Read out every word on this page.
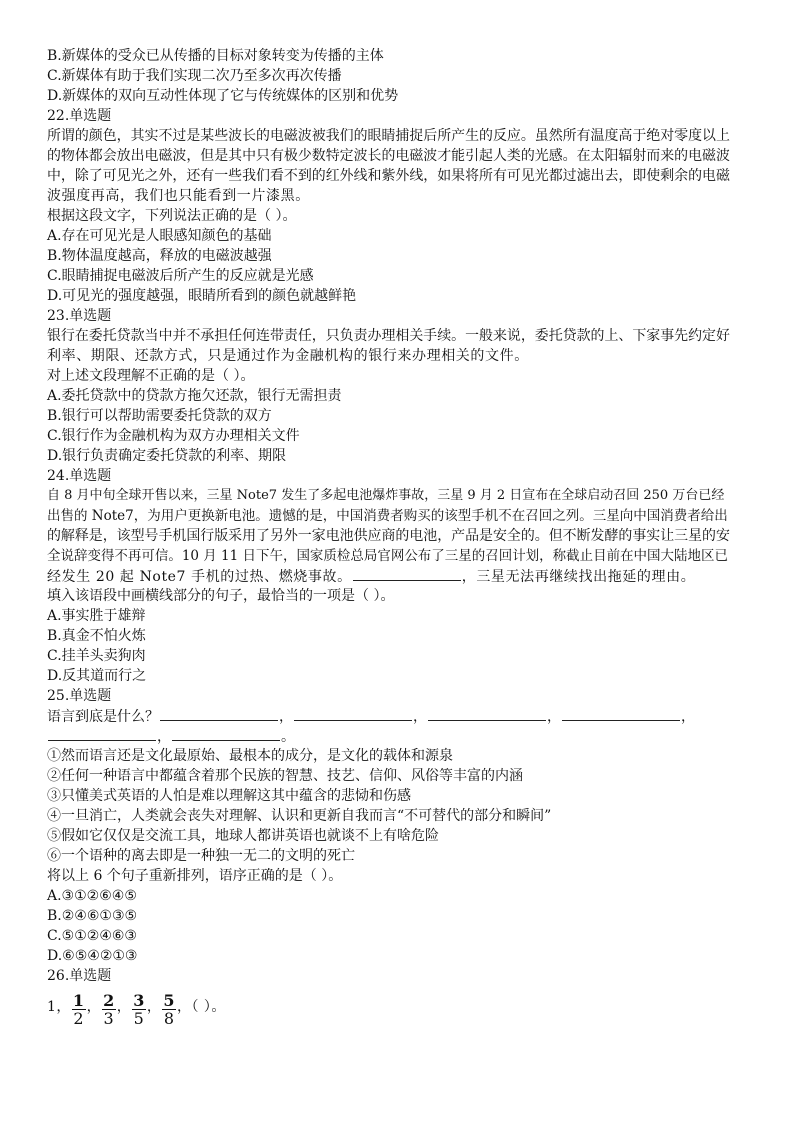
B.新媒体的受众已从传播的目标对象转变为传播的主体
C.新媒体有助于我们实现二次乃至多次再次传播
D.新媒体的双向互动性体现了它与传统媒体的区别和优势
22.单选题
所谓的颜色，其实不过是某些波长的电磁波被我们的眼睛捕捉后所产生的反应。虽然所有温度高于绝对零度以上
的物体都会放出电磁波，但是其中只有极少数特定波长的电磁波才能引起人类的光感。在太阳辐射而来的电磁波
中，除了可见光之外，还有一些我们看不到的红外线和紫外线，如果将所有可见光都过滤出去，即使剩余的电磁
波强度再高，我们也只能看到一片漆黑。
根据这段文字，下列说法正确的是（ ）。
A.存在可见光是人眼感知颜色的基础
B.物体温度越高，释放的电磁波越强
C.眼睛捕捉电磁波后所产生的反应就是光感
D.可见光的强度越强，眼睛所看到的颜色就越鲜艳
23.单选题
银行在委托贷款当中并不承担任何连带责任，只负责办理相关手续。一般来说，委托贷款的上、下家事先约定好
利率、期限、还款方式，只是通过作为金融机构的银行来办理相关的文件。
对上述文段理解不正确的是（ ）。
A.委托贷款中的贷款方拖欠还款，银行无需担责
B.银行可以帮助需要委托贷款的双方
C.银行作为金融机构为双方办理相关文件
D.银行负责确定委托贷款的利率、期限
24.单选题
自 8 月中旬全球开售以来，三星 Note7 发生了多起电池爆炸事故，三星 9 月 2 日宣布在全球启动召回 250 万台已经
出售的 Note7，为用户更换新电池。遗憾的是，中国消费者购买的该型手机不在召回之列。三星向中国消费者给出
的解释是，该型号手机国行版采用了另外一家电池供应商的电池，产品是安全的。但不断发酵的事实让三星的安
全说辞变得不再可信。10 月 11 日下午，国家质检总局官网公布了三星的召回计划，称截止目前在中国大陆地区已
经发生 20 起 Note7 手机的过热、燃烧事故。	，三星无法再继续找出拖延的理由。
填入该语段中画横线部分的句子，最恰当的一项是（ ）。
A.事实胜于雄辩
B.真金不怕火炼
C.挂羊头卖狗肉
D.反其道而行之
25.单选题
语言到底是什么？	，	，	，	，
，	。
①然而语言还是文化最原始、最根本的成分，是文化的载体和源泉
②任何一种语言中都蕴含着那个民族的智慧、技艺、信仰、风俗等丰富的内涵
③只懂美式英语的人怕是难以理解这其中蕴含的悲恸和伤感
④一旦消亡，人类就会丧失对理解、认识和更新自我而言“不可替代的部分和瞬间”
⑤假如它仅仅是交流工具，地球人都讲英语也就谈不上有啥危险
⑥一个语种的离去即是一种独一无二的文明的死亡
将以上 6 个句子重新排列，语序正确的是（ ）。
A.③①②⑥④⑤
B.②④⑥①③⑤
C.⑤①②④⑥③
D.⑥⑤④②①③
26.单选题
1， $\frac{1}{2}$ ， $\frac{2}{3}$ ， $\frac{3}{5}$ ， $\frac{5}{8}$ ，（ ）。
